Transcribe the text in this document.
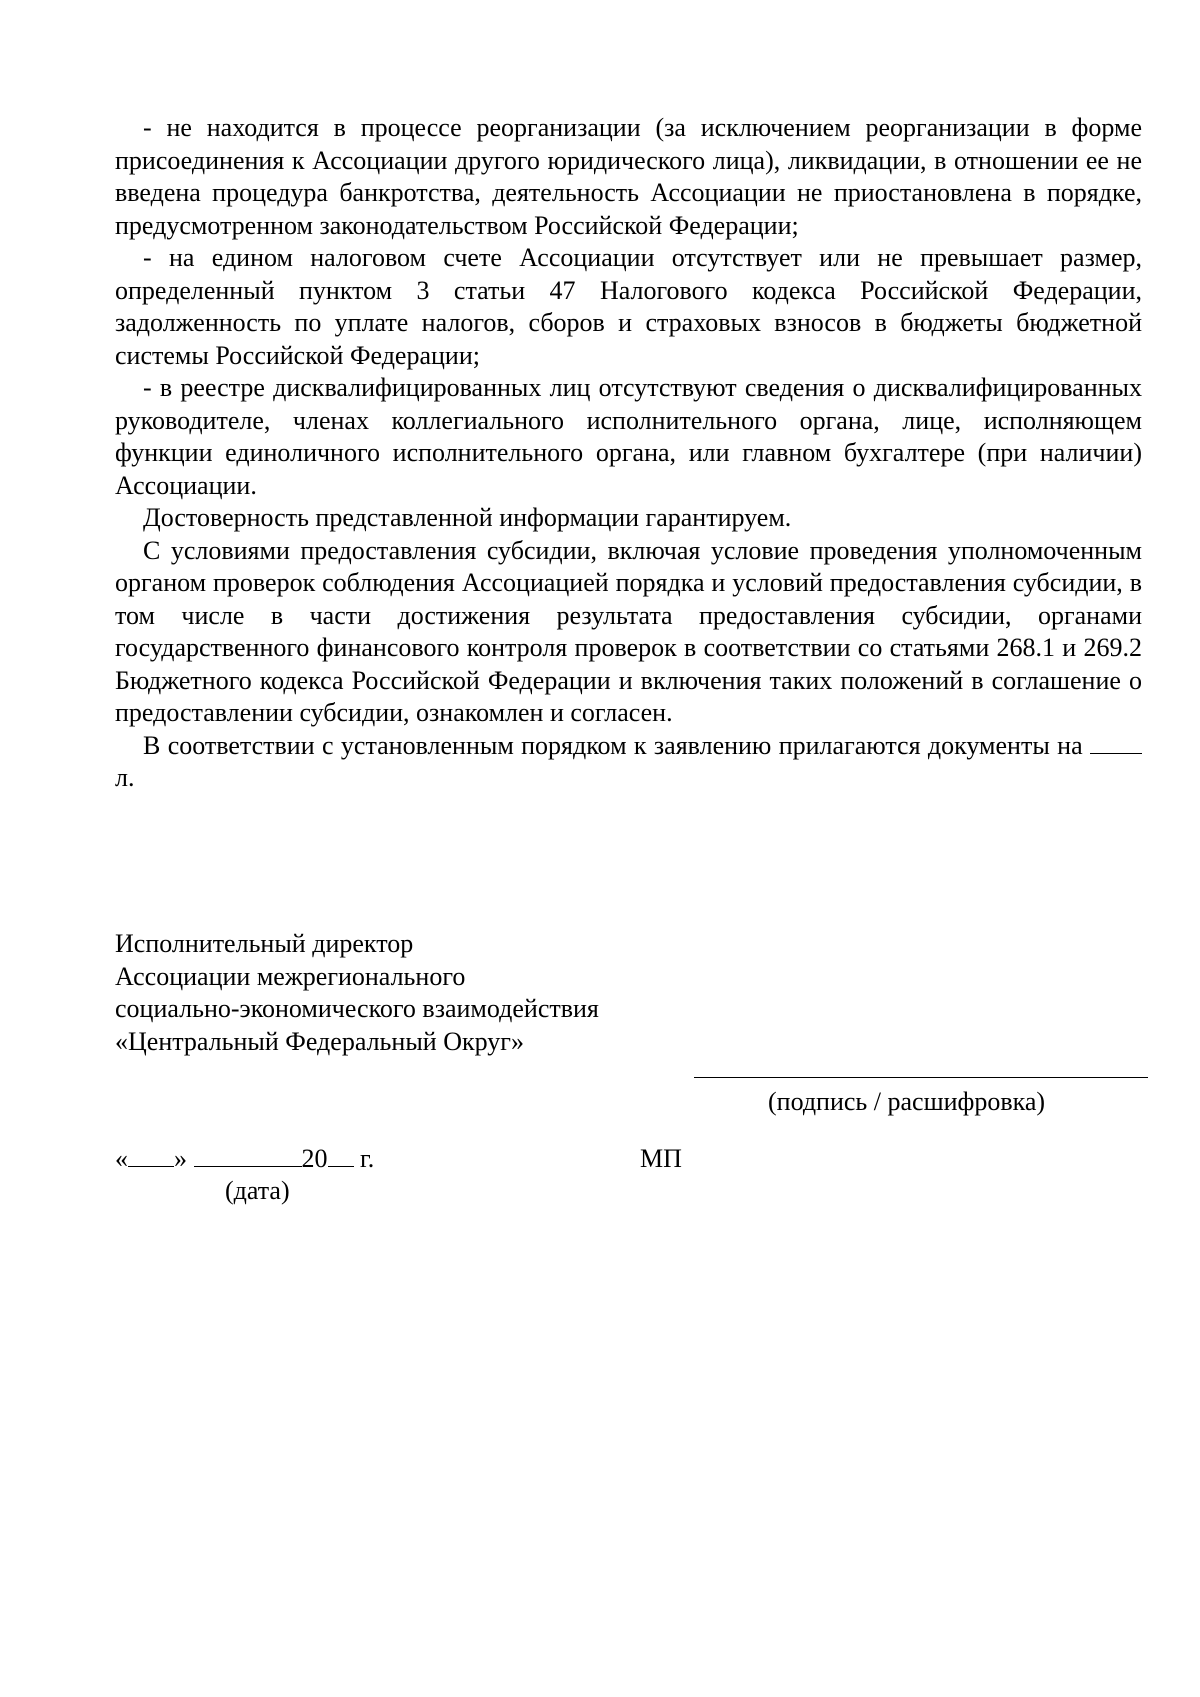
- не находится в процессе реорганизации (за исключением реорганизации в форме присоединения к Ассоциации другого юридического лица), ликвидации, в отношении ее не введена процедура банкротства, деятельность Ассоциации не приостановлена в порядке, предусмотренном законодательством Российской Федерации;

- на едином налоговом счете Ассоциации отсутствует или не превышает размер, определенный пунктом 3 статьи 47 Налогового кодекса Российской Федерации, задолженность по уплате налогов, сборов и страховых взносов в бюджеты бюджетной системы Российской Федерации;

- в реестре дисквалифицированных лиц отсутствуют сведения о дисквалифицированных руководителе, членах коллегиального исполнительного органа, лице, исполняющем функции единоличного исполнительного органа, или главном бухгалтере (при наличии) Ассоциации.

Достоверность представленной информации гарантируем.

С условиями предоставления субсидии, включая условие проведения уполномоченным органом проверок соблюдения Ассоциацией порядка и условий предоставления субсидии, в том числе в части достижения результата предоставления субсидии, органами государственного финансового контроля проверок в соответствии со статьями 268.1 и 269.2 Бюджетного кодекса Российской Федерации и включения таких положений в соглашение о предоставлении субсидии, ознакомлен и согласен.

В соответствии с установленным порядком к заявлению прилагаются документы на  л.

Исполнительный директор

Ассоциации межрегионального

социально-экономического взаимодействия

«Центральный Федеральный Округ»

(подпись / расшифровка)
« »	20 г.
(дата)
МП
